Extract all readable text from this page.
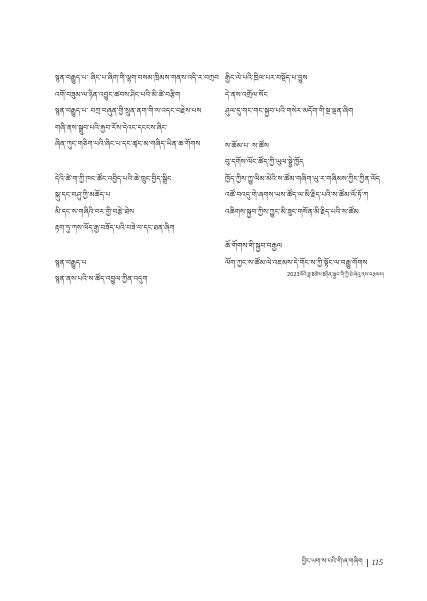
སྙན་བརྒྱུད་པ་ ཞིང་པ་ཞིག་གི་ལྷག་བསམ་ཁྲིམས་གནས་འདི་ར་བཀྲབ
འགོ་བཟུམ་ལ་ཉིན་འབྱུང་ཚབས་ཤིང་པའི་མི་ཚེ་བརྩིག
སྙན་བརྒྱུད་པ་ བཀྲ་བཞུན་གྱི་སྲུན་ནག་གི་ས་འདང་བརྗེས་པས
གཞི་ནས་སྒྲུབ་པའི་རྐྱབ་རོས་དེའང་དངངས་ཞིང་
ཞིན་ཀུང་གཅིག་པའི་ཞིང་པ་དང་ཚྭང་མ་གཞིད་ཡིན་ཆ་གོགས
དེའི་ཚེ་ག་ཀྱི་ཁང་ཚོང་འབྱིད་པའི་ཆེ་ཁྲུང་བྱིད་སྒྲིང
སྐུ་དང་བཤུ་ཀྱི་མཆོད་པ
མི་དང་ས་གཞིའི་བར་གྱི་བརྩེ་ཐེས
རྟག་ཏུ་ཀས་ལོད་རྒྱ་བཟོད་པའི་བཟེ་བ་དང་ཐན་ཞིག
སྙན་བརྒྱུད་པ
སྙན་ནས་པའི་ས་ཚོད་འབྱུལ་ཀྱིན་འདུག
རྒྱིང་ལེ་པའི་ཁྲིལ་པར་བསྡོད་པ་བྱུས
དེ་ནས་འགྲོལ་སོང
ཤུལ་དུ་གང་གང་སྐྱབ་པའི་གསེར་མདོག་གི་སྔ་ལྡན་ཞིག
ས་ཆོམ་པ་ ས་ཚོས
བུ་དགོས་ལོང་ཚོད་ཀྱི་ཡུལ་སྟྱེ་ཁྱོད
ཁྱོད་ཀྱིས་ཀྱུ་ལིམ་མེའི་ས་ཚོམ་གཞིག་ཡུ་ར་གཞིམས་ཀྱིང་ཀྱིན་ལོད
འཚོ་བའདུ་གེ་ཞགས་ཡས་ཚོད་ལ་མི་རྗིད་པའི་ས་ཚོམ་ལོ་ཏོ་ཀ
འཆིགས་སྐྱབ་ཀྱིས་ཀྱུང་མི་ཟུང་གསོན་མི་རྗིད་པའི་ས་ཚོམ
ཆོ་གོགས་གི་སྐྱབ་བརྒྱལ
ལོག་ཀྱང་ས་ཚོམ་ལེ་འཇམས་དེ་གོང་ས་ཀྱི་སྟོང་ལ་བརྒྱུ་གོགས
2023ལོའི་ཟླ་8ཚེས་8ཉིན་སྐྱབ་གི་ཀྱི་ཐེ་ཞེའུ་ནས་བརྩམས།
བྱིང་ཡག་ས་པའི་གི་ཞ་གཞིག 115
